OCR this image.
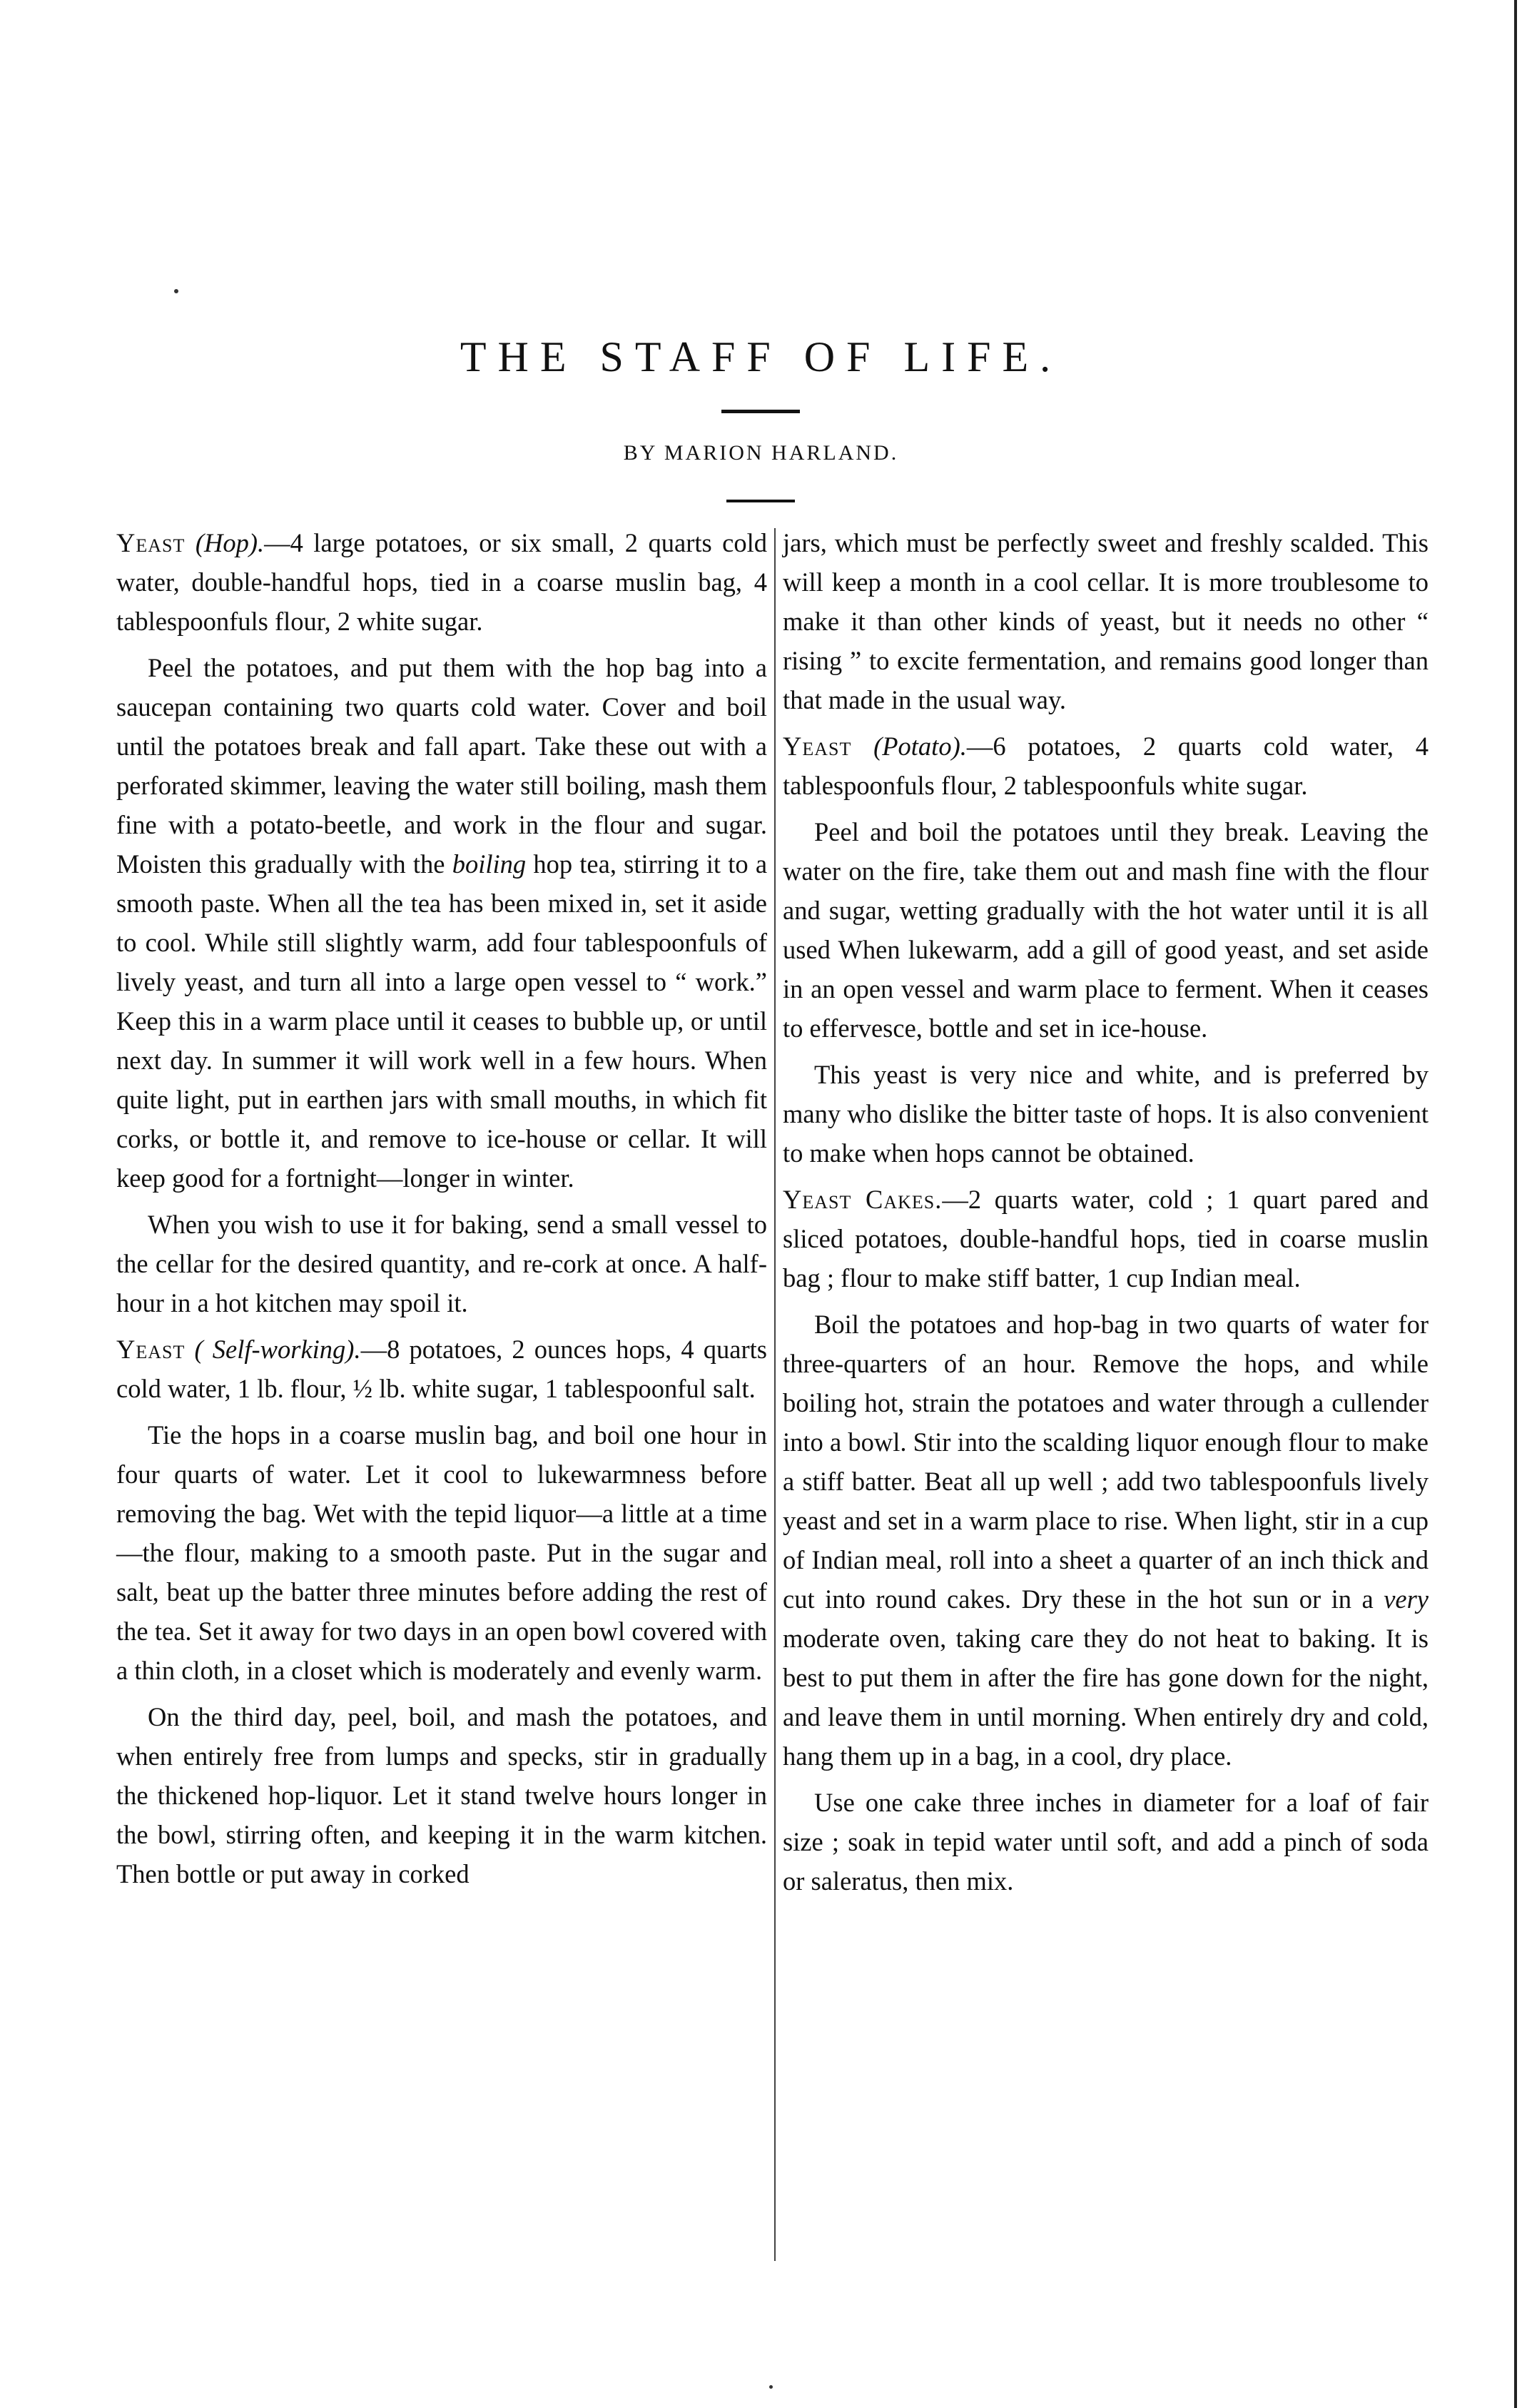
THE STAFF OF LIFE.
BY MARION HARLAND.

Yeast (Hop).—4 large potatoes, or six small, 2 quarts cold water, double-handful hops, tied in a coarse muslin bag, 4 tablespoonfuls flour, 2 white sugar.

Peel the potatoes, and put them with the hop bag into a saucepan containing two quarts cold water. Cover and boil until the potatoes break and fall apart. Take these out with a perforated skimmer, leaving the water still boiling, mash them fine with a potato-beetle, and work in the flour and sugar. Moisten this gradually with the boiling hop tea, stirring it to a smooth paste. When all the tea has been mixed in, set it aside to cool. While still slightly warm, add four tablespoonfuls of lively yeast, and turn all into a large open vessel to “ work.” Keep this in a warm place until it ceases to bubble up, or until next day. In summer it will work well in a few hours. When quite light, put in earthen jars with small mouths, in which fit corks, or bottle it, and remove to ice-house or cellar. It will keep good for a fortnight—longer in winter.

When you wish to use it for baking, send a small vessel to the cellar for the desired quantity, and re-cork at once. A half-hour in a hot kitchen may spoil it.

Yeast ( Self-working).—8 potatoes, 2 ounces hops, 4 quarts cold water, 1 lb. flour, ½ lb. white sugar, 1 tablespoonful salt.

Tie the hops in a coarse muslin bag, and boil one hour in four quarts of water. Let it cool to lukewarmness before removing the bag. Wet with the tepid liquor—a little at a time—the flour, making to a smooth paste. Put in the sugar and salt, beat up the batter three minutes before adding the rest of the tea. Set it away for two days in an open bowl covered with a thin cloth, in a closet which is moderately and evenly warm.

On the third day, peel, boil, and mash the potatoes, and when entirely free from lumps and specks, stir in gradually the thickened hop-liquor. Let it stand twelve hours longer in the bowl, stirring often, and keeping it in the warm kitchen. Then bottle or put away in corked

jars, which must be perfectly sweet and freshly scalded. This will keep a month in a cool cellar. It is more troublesome to make it than other kinds of yeast, but it needs no other “ rising ” to excite fermentation, and remains good longer than that made in the usual way.

Yeast (Potato).—6 potatoes, 2 quarts cold water, 4 tablespoonfuls flour, 2 tablespoonfuls white sugar.

Peel and boil the potatoes until they break. Leaving the water on the fire, take them out and mash fine with the flour and sugar, wetting gradually with the hot water until it is all used When lukewarm, add a gill of good yeast, and set aside in an open vessel and warm place to ferment. When it ceases to effervesce, bottle and set in ice-house.

This yeast is very nice and white, and is preferred by many who dislike the bitter taste of hops. It is also convenient to make when hops cannot be obtained.

Yeast Cakes.—2 quarts water, cold ; 1 quart pared and sliced potatoes, double-handful hops, tied in coarse muslin bag ; flour to make stiff batter, 1 cup Indian meal.

Boil the potatoes and hop-bag in two quarts of water for three-quarters of an hour. Remove the hops, and while boiling hot, strain the potatoes and water through a cullender into a bowl. Stir into the scalding liquor enough flour to make a stiff batter. Beat all up well ; add two tablespoonfuls lively yeast and set in a warm place to rise. When light, stir in a cup of Indian meal, roll into a sheet a quarter of an inch thick and cut into round cakes. Dry these in the hot sun or in a very moderate oven, taking care they do not heat to baking. It is best to put them in after the fire has gone down for the night, and leave them in until morning. When entirely dry and cold, hang them up in a bag, in a cool, dry place.

Use one cake three inches in diameter for a loaf of fair size ; soak in tepid water until soft, and add a pinch of soda or saleratus, then mix.
